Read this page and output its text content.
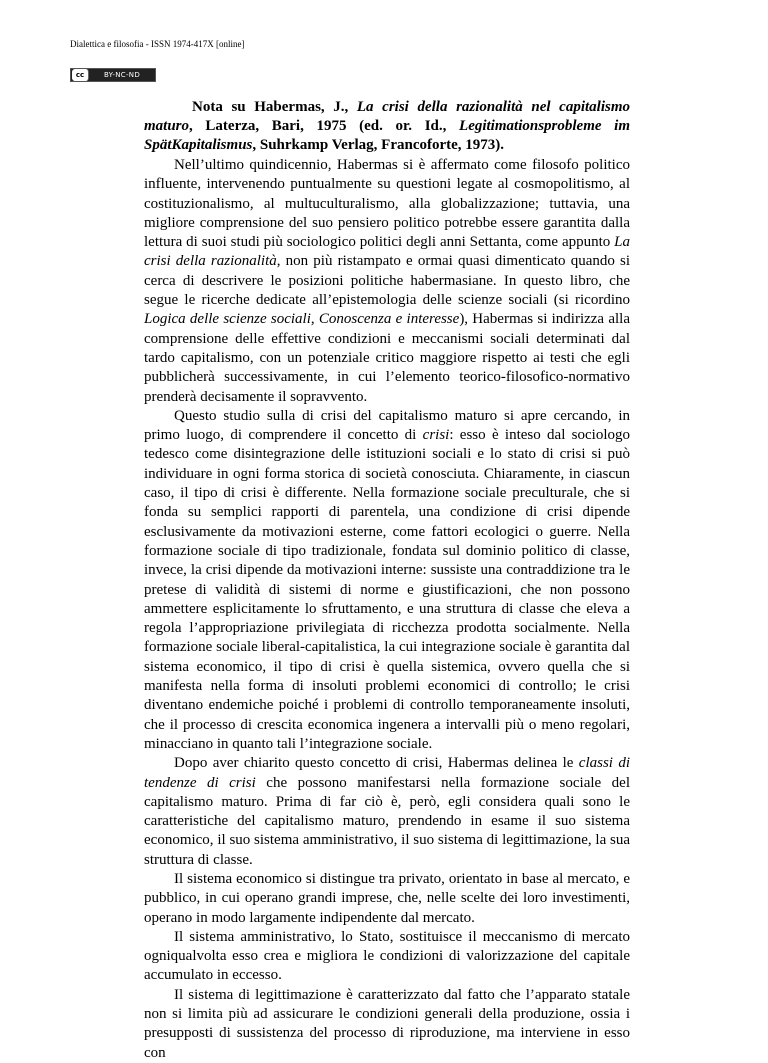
Dialettica e filosofia - ISSN 1974-417X [online]
cc	BY-NC-ND

Nota su Habermas, J., La crisi della razionalità nel capitalismo maturo, Laterza, Bari, 1975 (ed. or. Id., Legitimationsprobleme im SpätKapitalismus, Suhrkamp Verlag, Francoforte, 1973).

Nell’ultimo quindicennio, Habermas si è affermato come filosofo politico influente, intervenendo puntualmente su questioni legate al cosmopolitismo, al costituzionalismo, al multuculturalismo, alla globalizzazione; tuttavia, una migliore comprensione del suo pensiero politico potrebbe essere garantita dalla lettura di suoi studi più sociologico politici degli anni Settanta, come appunto La crisi della razionalità, non più ristampato e ormai quasi dimenticato quando si cerca di descrivere le posizioni politiche habermasiane. In questo libro, che segue le ricerche dedicate all’epistemologia delle scienze sociali (si ricordino Logica delle scienze sociali, Conoscenza e interesse), Habermas si indirizza alla comprensione delle effettive condizioni e meccanismi sociali determinati dal tardo capitalismo, con un potenziale critico maggiore rispetto ai testi che egli pubblicherà successivamente, in cui l’elemento teorico-filosofico-normativo prenderà decisamente il sopravvento.

Questo studio sulla di crisi del capitalismo maturo si apre cercando, in primo luogo, di comprendere il concetto di crisi: esso è inteso dal sociologo tedesco come disintegrazione delle istituzioni sociali e lo stato di crisi si può individuare in ogni forma storica di società conosciuta. Chiaramente, in ciascun caso, il tipo di crisi è differente. Nella formazione sociale preculturale, che si fonda su semplici rapporti di parentela, una condizione di crisi dipende esclusivamente da motivazioni esterne, come fattori ecologici o guerre. Nella formazione sociale di tipo tradizionale, fondata sul dominio politico di classe, invece, la crisi dipende da motivazioni interne: sussiste una contraddizione tra le pretese di validità di sistemi di norme e giustificazioni, che non possono ammettere esplicitamente lo sfruttamento, e una struttura di classe che eleva a regola l’appropriazione privilegiata di ricchezza prodotta socialmente. Nella formazione sociale liberal-capitalistica, la cui integrazione sociale è garantita dal sistema economico, il tipo di crisi è quella sistemica, ovvero quella che si manifesta nella forma di insoluti problemi economici di controllo; le crisi diventano endemiche poiché i problemi di controllo temporaneamente insoluti, che il processo di crescita economica ingenera a intervalli più o meno regolari, minacciano in quanto tali l’integrazione sociale.

Dopo aver chiarito questo concetto di crisi, Habermas delinea le classi di tendenze di crisi che possono manifestarsi nella formazione sociale del capitalismo maturo. Prima di far ciò è, però, egli considera quali sono le caratteristiche del capitalismo maturo, prendendo in esame il suo sistema economico, il suo sistema amministrativo, il suo sistema di legittimazione, la sua struttura di classe.

Il sistema economico si distingue tra privato, orientato in base al mercato, e pubblico, in cui operano grandi imprese, che, nelle scelte dei loro investimenti, operano in modo largamente indipendente dal mercato.

Il sistema amministrativo, lo Stato, sostituisce il meccanismo di mercato ogniqualvolta esso crea e migliora le condizioni di valorizzazione del capitale accumulato in eccesso.

Il sistema di legittimazione è caratterizzato dal fatto che l’apparato statale non si limita più ad assicurare le condizioni generali della produzione, ossia i presupposti di sussistenza del processo di riproduzione, ma interviene in esso con
